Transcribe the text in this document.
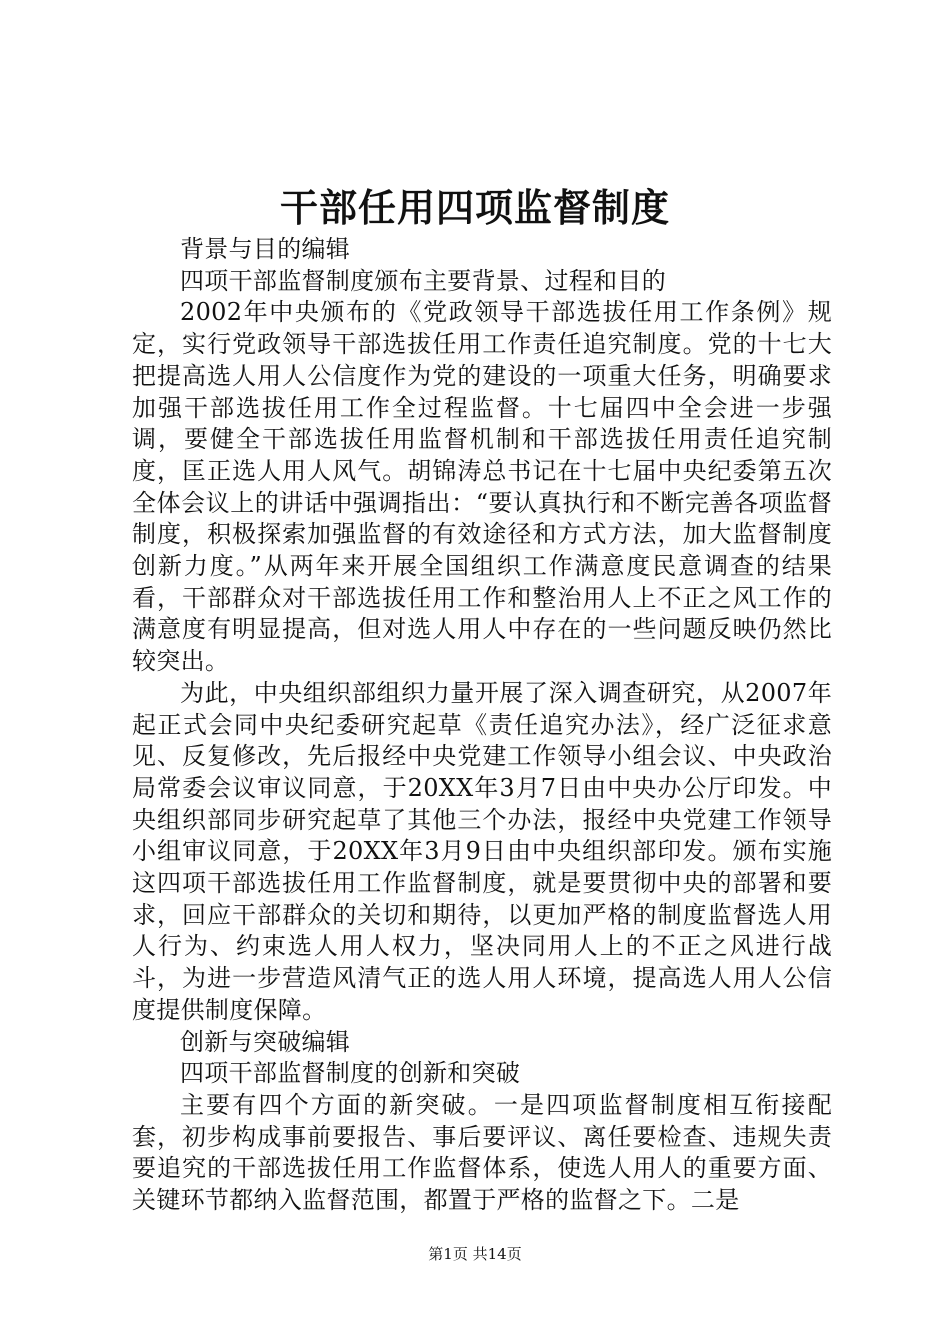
干部任用四项监督制度

背景与目的编辑

四项干部监督制度颁布主要背景、过程和目的

2002年中央颁布的《党政领导干部选拔任用工作条例》规定，实行党政领导干部选拔任用工作责任追究制度。党的十七大把提高选人用人公信度作为党的建设的一项重大任务，明确要求加强干部选拔任用工作全过程监督。十七届四中全会进一步强调，要健全干部选拔任用监督机制和干部选拔任用责任追究制度，匡正选人用人风气。胡锦涛总书记在十七届中央纪委第五次全体会议上的讲话中强调指出：“要认真执行和不断完善各项监督制度，积极探索加强监督的有效途径和方式方法，加大监督制度创新力度。”从两年来开展全国组织工作满意度民意调查的结果看，干部群众对干部选拔任用工作和整治用人上不正之风工作的满意度有明显提高，但对选人用人中存在的一些问题反映仍然比较突出。

为此，中央组织部组织力量开展了深入调查研究，从2007年起正式会同中央纪委研究起草《责任追究办法》，经广泛征求意见、反复修改，先后报经中央党建工作领导小组会议、中央政治局常委会议审议同意，于20XX年3月7日由中央办公厅印发。中央组织部同步研究起草了其他三个办法，报经中央党建工作领导小组审议同意，于20XX年3月9日由中央组织部印发。颁布实施这四项干部选拔任用工作监督制度，就是要贯彻中央的部署和要求，回应干部群众的关切和期待，以更加严格的制度监督选人用人行为、约束选人用人权力，坚决同用人上的不正之风进行战斗，为进一步营造风清气正的选人用人环境，提高选人用人公信度提供制度保障。

创新与突破编辑

四项干部监督制度的创新和突破

主要有四个方面的新突破。一是四项监督制度相互衔接配套，初步构成事前要报告、事后要评议、离任要检查、违规失责要追究的干部选拔任用工作监督体系，使选人用人的重要方面、关键环节都纳入监督范围，都置于严格的监督之下。二是

第1页 共14页
